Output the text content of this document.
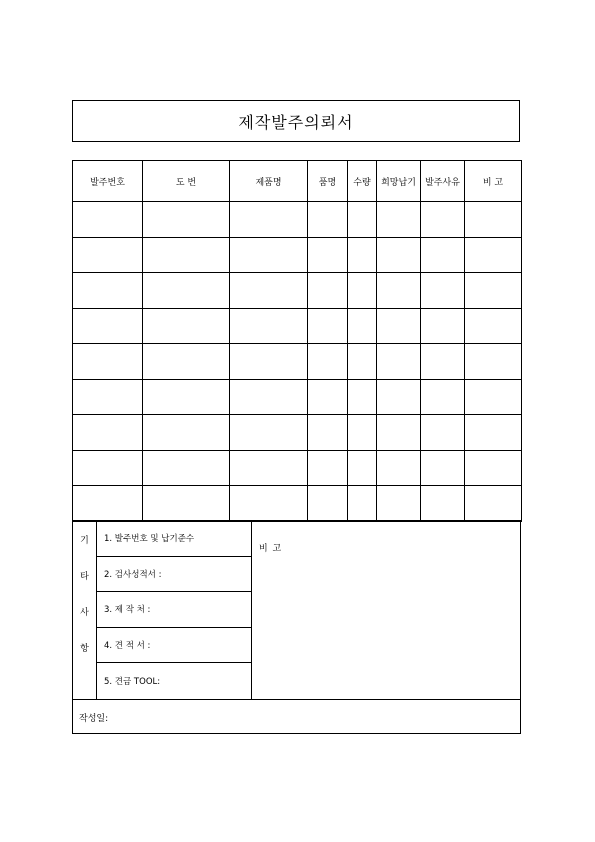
제작발주의뢰서
발주번호	도 번	제품명	품명	수량	희망납기	발주사유	비 고

기
타
사
항
1. 발주번호 및 납기준수
2. 검사성적서 :
3. 제 작 처 :
4. 견 적 서 :
5. 견금 TOOL:
비 고
작성일:
